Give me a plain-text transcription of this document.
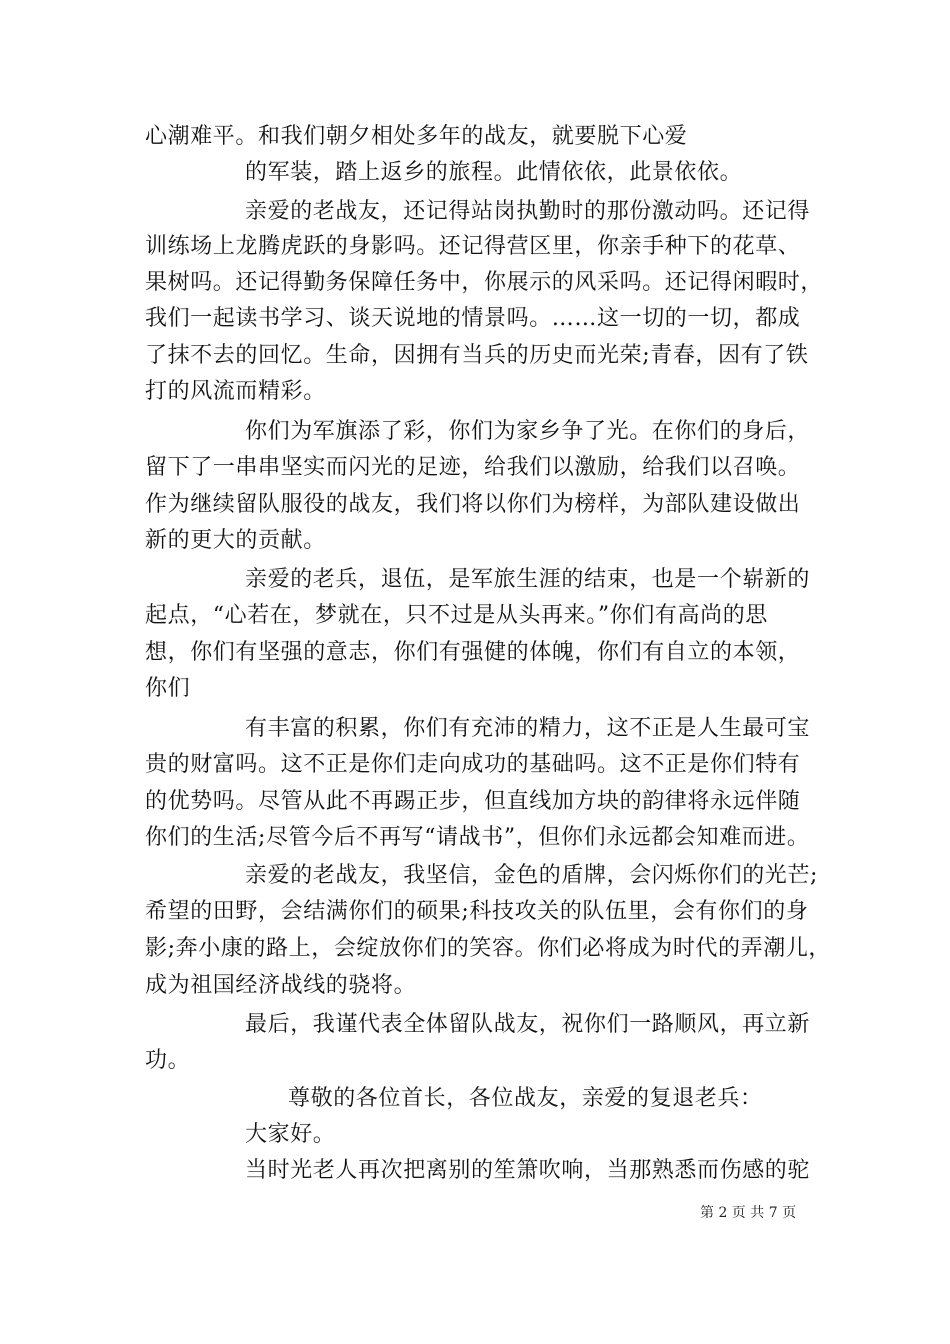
心潮难平。和我们朝夕相处多年的战友，就要脱下心爱
的军装，踏上返乡的旅程。此情依依，此景依依。
亲爱的老战友，还记得站岗执勤时的那份激动吗。还记得
训练场上龙腾虎跃的身影吗。还记得营区里，你亲手种下的花草、
果树吗。还记得勤务保障任务中，你展示的风采吗。还记得闲暇时，
我们一起读书学习、谈天说地的情景吗。……这一切的一切，都成
了抹不去的回忆。生命，因拥有当兵的历史而光荣;青春，因有了铁
打的风流而精彩。
你们为军旗添了彩，你们为家乡争了光。在你们的身后，
留下了一串串坚实而闪光的足迹，给我们以激励，给我们以召唤。
作为继续留队服役的战友，我们将以你们为榜样，为部队建设做出
新的更大的贡献。
亲爱的老兵，退伍，是军旅生涯的结束，也是一个崭新的
起点，“心若在，梦就在，只不过是从头再来。”你们有高尚的思
想，你们有坚强的意志，你们有强健的体魄，你们有自立的本领，
你们
有丰富的积累，你们有充沛的精力，这不正是人生最可宝
贵的财富吗。这不正是你们走向成功的基础吗。这不正是你们特有
的优势吗。尽管从此不再踢正步，但直线加方块的韵律将永远伴随
你们的生活;尽管今后不再写“请战书”，但你们永远都会知难而进。
亲爱的老战友，我坚信，金色的盾牌，会闪烁你们的光芒;
希望的田野，会结满你们的硕果;科技攻关的队伍里，会有你们的身
影;奔小康的路上，会绽放你们的笑容。你们必将成为时代的弄潮儿，
成为祖国经济战线的骁将。
最后，我谨代表全体留队战友，祝你们一路顺风，再立新
功。
尊敬的各位首长，各位战友，亲爱的复退老兵：
大家好。
当时光老人再次把离别的笙箫吹响，当那熟悉而伤感的驼
第 2 页 共 7 页
